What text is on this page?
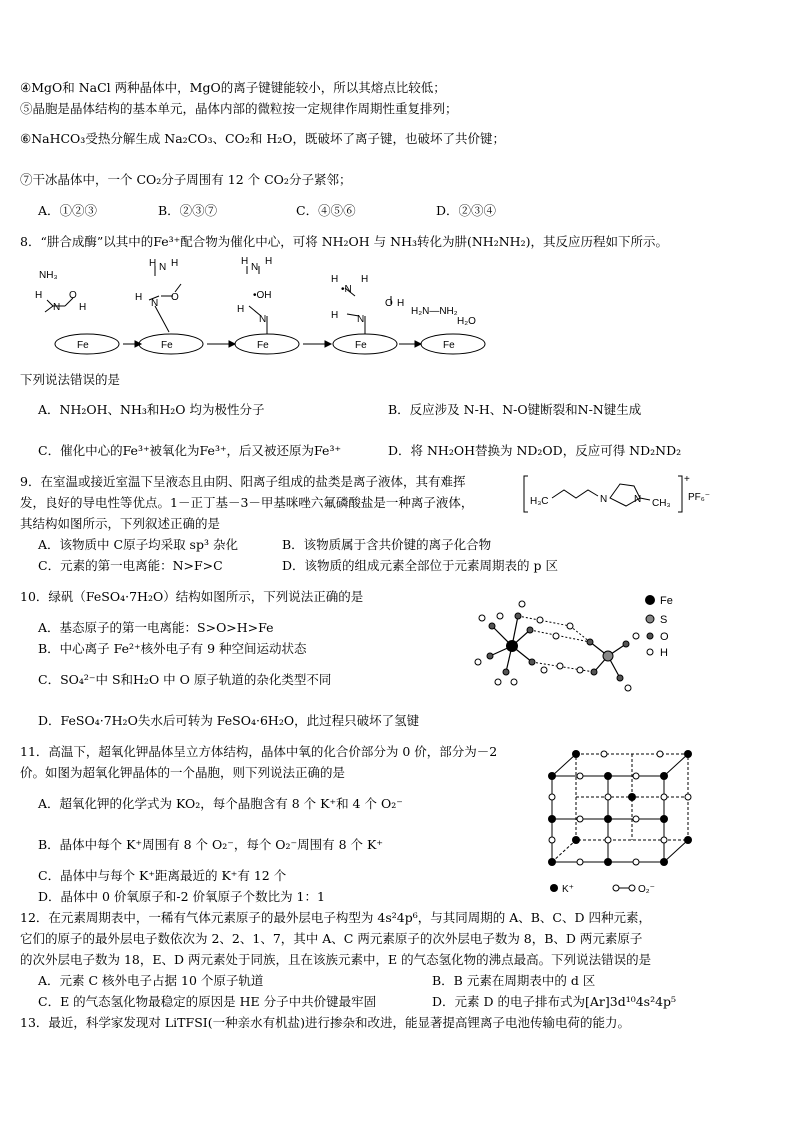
④MgO和 NaCl 两种晶体中，MgO的离子键键能较小，所以其熔点比较低；
⑤晶胞是晶体结构的基本单元，晶体内部的微粒按一定规律作周期性重复排列；
⑥NaHCO₃受热分解生成 Na₂CO₃、CO₂和 H₂O，既破坏了离子键，也破坏了共价键；
⑦干冰晶体中，一个 CO₂分子周围有 12 个 CO₂分子紧邻；
A．①②③	B．②③⑦	C．④⑤⑥	D．②③④
8．“肼合成酶”以其中的Fe³⁺配合物为催化中心，可将 NH₂OH 与 NH₃转化为肼(NH₂NH₂)，其反应历程如下所示。
Fe	Fe	Fe	Fe	Fe
NH₃
H
N
O
H
H N H
H
N
O
H
N
H
•OH
H
N
H
•N
H
O H
H N
H₂N—NH₂
H₂O
下列说法错误的是
A．NH₂OH、NH₃和H₂O 均为极性分子	B．反应涉及 N-H、N-O键断裂和N-N键生成
C．催化中心的Fe³⁺被氧化为Fe³⁺，后又被还原为Fe³⁺	D．将 NH₂OH替换为 ND₂OD，反应可得 ND₂ND₂
9．在室温或接近室温下呈液态且由阴、阳离子组成的盐类是离子液体，其有难挥
发，良好的导电性等优点。1－正丁基－3－甲基咪唑六氟磷酸盐是一种离子液体，
其结构如图所示，下列叙述正确的是
H₃C	N	N CH₃
+
PF₆⁻
A．该物质中 C原子均采取 sp³ 杂化	B．该物质属于含共价键的离子化合物
C．元素的第一电离能：N>F>C	D．该物质的组成元素全部位于元素周期表的 p 区
10．绿矾（FeSO₄·7H₂O）结构如图所示，下列说法正确的是
A．基态原子的第一电离能：S>O>H>Fe
B．中心离子 Fe²⁺核外电子有 9 种空间运动状态
C．SO₄²⁻中 S和H₂O 中 O 原子轨道的杂化类型不同
D．FeSO₄·7H₂O失水后可转为 FeSO₄·6H₂O，此过程只破坏了氢键
Fe
S
O
H
11．高温下，超氧化钾晶体呈立方体结构，晶体中氧的化合价部分为 0 价，部分为－2
价。如图为超氧化钾晶体的一个晶胞，则下列说法正确的是
A．超氧化钾的化学式为 KO₂，每个晶胞含有 8 个 K⁺和 4 个 O₂⁻
B．晶体中每个 K⁺周围有 8 个 O₂⁻，每个 O₂⁻周围有 8 个 K⁺
C．晶体中与每个 K⁺距离最近的 K⁺有 12 个
D．晶体中 0 价氧原子和-2 价氧原子个数比为 1：1	K⁺	O₂⁻
12．在元素周期表中，一稀有气体元素原子的最外层电子构型为 4s²4p⁶，与其同周期的 A、B、C、D 四种元素，
它们的原子的最外层电子数依次为 2、2、1、7，其中 A、C 两元素原子的次外层电子数为 8，B、D 两元素原子
的次外层电子数为 18，E、D 两元素处于同族，且在该族元素中，E 的气态氢化物的沸点最高。下列说法错误的是
A．元素 C 核外电子占据 10 个原子轨道	B．B 元素在周期表中的 d 区
C．E 的气态氢化物最稳定的原因是 HE 分子中共价键最牢固	D．元素 D 的电子排布式为[Ar]3d¹⁰4s²4p⁵
13．最近，科学家发现对 LiTFSI(一种亲水有机盐)进行掺杂和改进，能显著提高锂离子电池传输电荷的能力。
